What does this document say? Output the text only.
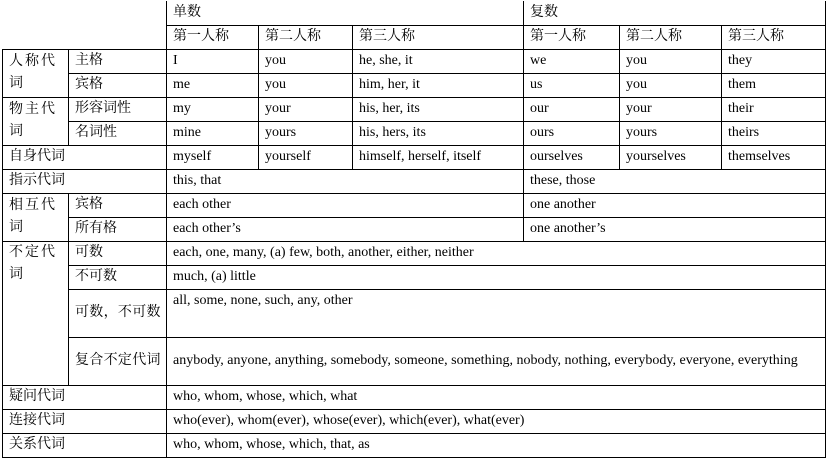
		单数			复数		
		第一人称	第二人称	第三人称	第一人称	第二人称	第三人称
人称代词	主格	I	you	he, she, it	we	you	they
	宾格	me	you	him, her, it	us	you	them
物主代词	形容词性	my	your	his, her, its	our	your	their
	名词性	mine	yours	his, hers, its	ours	yours	theirs
自身代词		myself	yourself	himself, herself, itself	ourselves	yourselves	themselves
指示代词		this, that			these, those		
相互代词	宾格	each other			one another		
	所有格	each other’s			one another’s		
不定代词	可数	each, one, many, (a) few, both, another, either, neither					
	不可数	much, (a) little					
	可数，不可数	all, some, none, such, any, other					
	复合不定代词	anybody, anyone, anything, somebody, someone, something, nobody, nothing, everybody, everyone, everything					
疑问代词		who, whom, whose, which, what					
连接代词		who(ever), whom(ever), whose(ever), which(ever), what(ever)					
关系代词		who, whom, whose, which, that, as					
